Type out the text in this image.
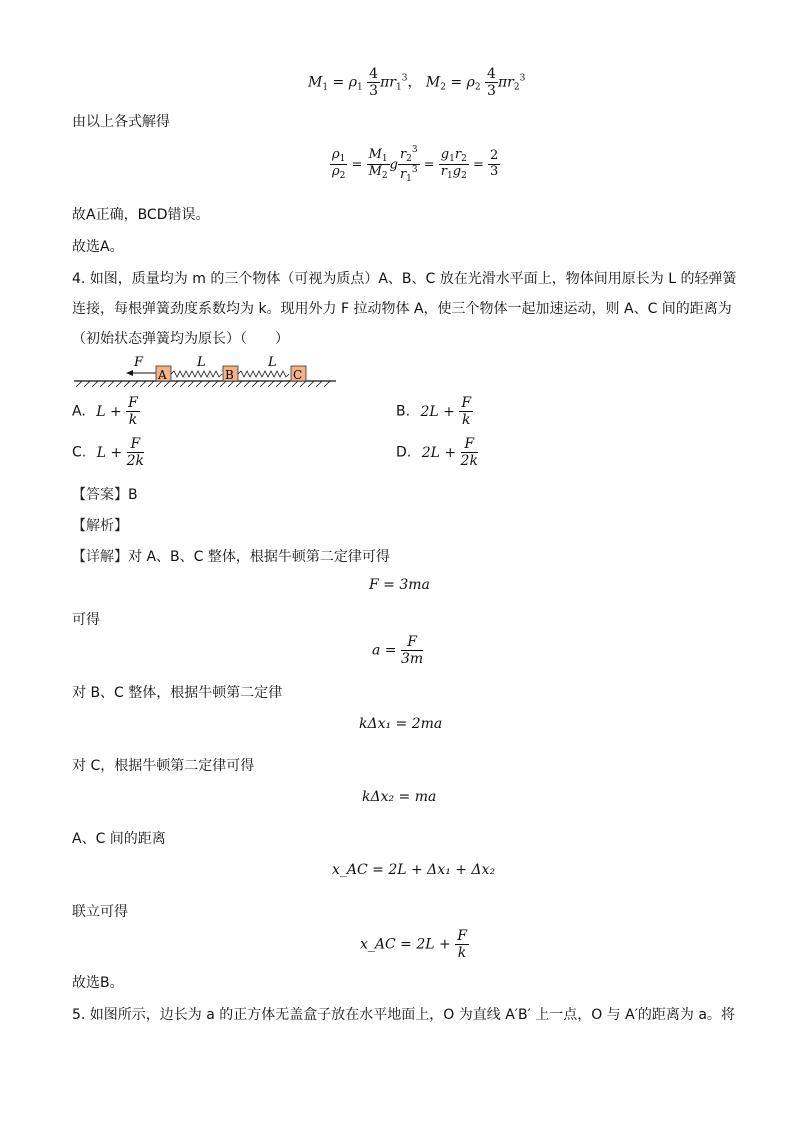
$M_1 = \rho_1 \frac{4}{3} \pi r_1^3$， $M_2 = \rho_2 \frac{4}{3} \pi r_2^3$
由以上各式解得
$\frac{\rho_1}{\rho_2} = \frac{M_1}{M_2}$ g $\frac{r_2^3}{r_1^3} = \frac{g_1r_2}{r_1g_2} = \frac{2}{3}$
故A正确，BCD错误。
故选A。
4. 如图，质量均为 m 的三个物体（可视为质点）A、B、C 放在光滑水平面上，物体间用原长为 L 的轻弹簧
连接，每根弹簧劲度系数均为 k。现用外力 F 拉动物体 A，使三个物体一起加速运动，则 A、C 间的距离为
（初始状态弹簧均为原长）（　　）
F
A
L
B
L
C
A. $L + \frac{F}{k}$	B. $2L + \frac{F}{k}$
C. $L + \frac{F}{2k}$	D. $2L + \frac{F}{2k}$
【答案】B
【解析】
【详解】对 A、B、C 整体，根据牛顿第二定律可得
F = 3ma
可得
$a = \frac{F}{3m}$
对 B、C 整体，根据牛顿第二定律
kΔx₁ = 2ma
对 C，根据牛顿第二定律可得
kΔx₂ = ma
A、C 间的距离
x_AC = 2L + Δx₁ + Δx₂
联立可得
x_AC = $2L + \frac{F}{k}$
故选B。
5. 如图所示，边长为 a 的正方体无盖盒子放在水平地面上，O 为直线 A′B′ 上一点，O 与 A′的距离为 a。将
